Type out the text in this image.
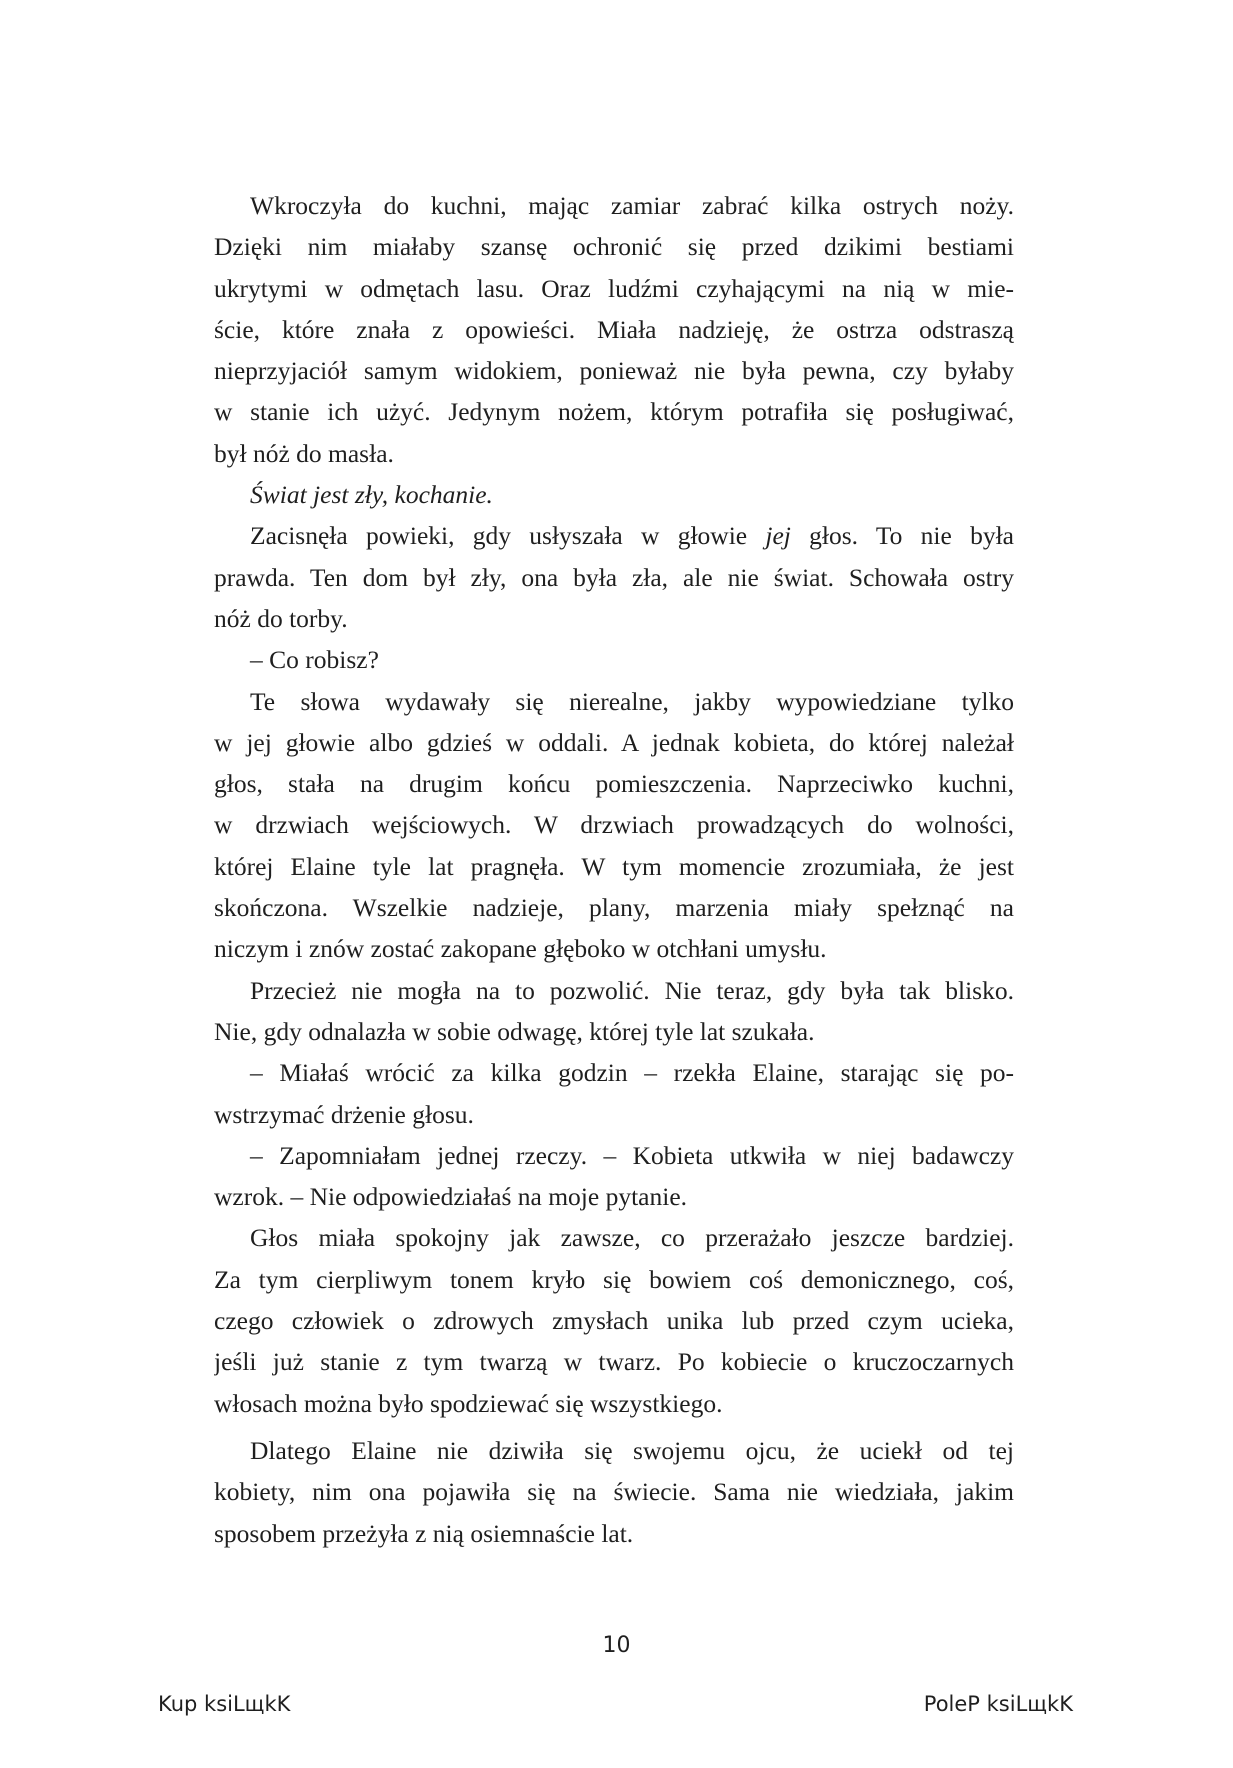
Wkroczyła do kuchni, mając zamiar zabrać kilka ostrych noży.
Dzięki nim miałaby szansę ochronić się przed dzikimi bestiami
ukrytymi w odmętach lasu. Oraz ludźmi czyhającymi na nią w mie-
ście, które znała z opowieści. Miała nadzieję, że ostrza odstraszą
nieprzyjaciół samym widokiem, ponieważ nie była pewna, czy byłaby
w stanie ich użyć. Jedynym nożem, którym potrafiła się posługiwać,
był nóż do masła.
Świat jest zły, kochanie.
Zacisnęła powieki, gdy usłyszała w głowie jej głos. To nie była
prawda. Ten dom był zły, ona była zła, ale nie świat. Schowała ostry
nóż do torby.
– Co robisz?
Te słowa wydawały się nierealne, jakby wypowiedziane tylko
w jej głowie albo gdzieś w oddali. A jednak kobieta, do której należał
głos, stała na drugim końcu pomieszczenia. Naprzeciwko kuchni,
w drzwiach wejściowych. W drzwiach prowadzących do wolności,
której Elaine tyle lat pragnęła. W tym momencie zrozumiała, że jest
skończona. Wszelkie nadzieje, plany, marzenia miały spełznąć na
niczym i znów zostać zakopane głęboko w otchłani umysłu.
Przecież nie mogła na to pozwolić. Nie teraz, gdy była tak blisko.
Nie, gdy odnalazła w sobie odwagę, której tyle lat szukała.
– Miałaś wrócić za kilka godzin – rzekła Elaine, starając się po-
wstrzymać drżenie głosu.
– Zapomniałam jednej rzeczy. – Kobieta utkwiła w niej badawczy
wzrok. – Nie odpowiedziałaś na moje pytanie.
Głos miała spokojny jak zawsze, co przerażało jeszcze bardziej.
Za tym cierpliwym tonem kryło się bowiem coś demonicznego, coś,
czego człowiek o zdrowych zmysłach unika lub przed czym ucieka,
jeśli już stanie z tym twarzą w twarz. Po kobiecie o kruczoczarnych
włosach można było spodziewać się wszystkiego.
Dlatego Elaine nie dziwiła się swojemu ojcu, że uciekł od tej
kobiety, nim ona pojawiła się na świecie. Sama nie wiedziała, jakim
sposobem przeżyła z nią osiemnaście lat.
10
Kup ksiLщkK	PoleP ksiLщkK
